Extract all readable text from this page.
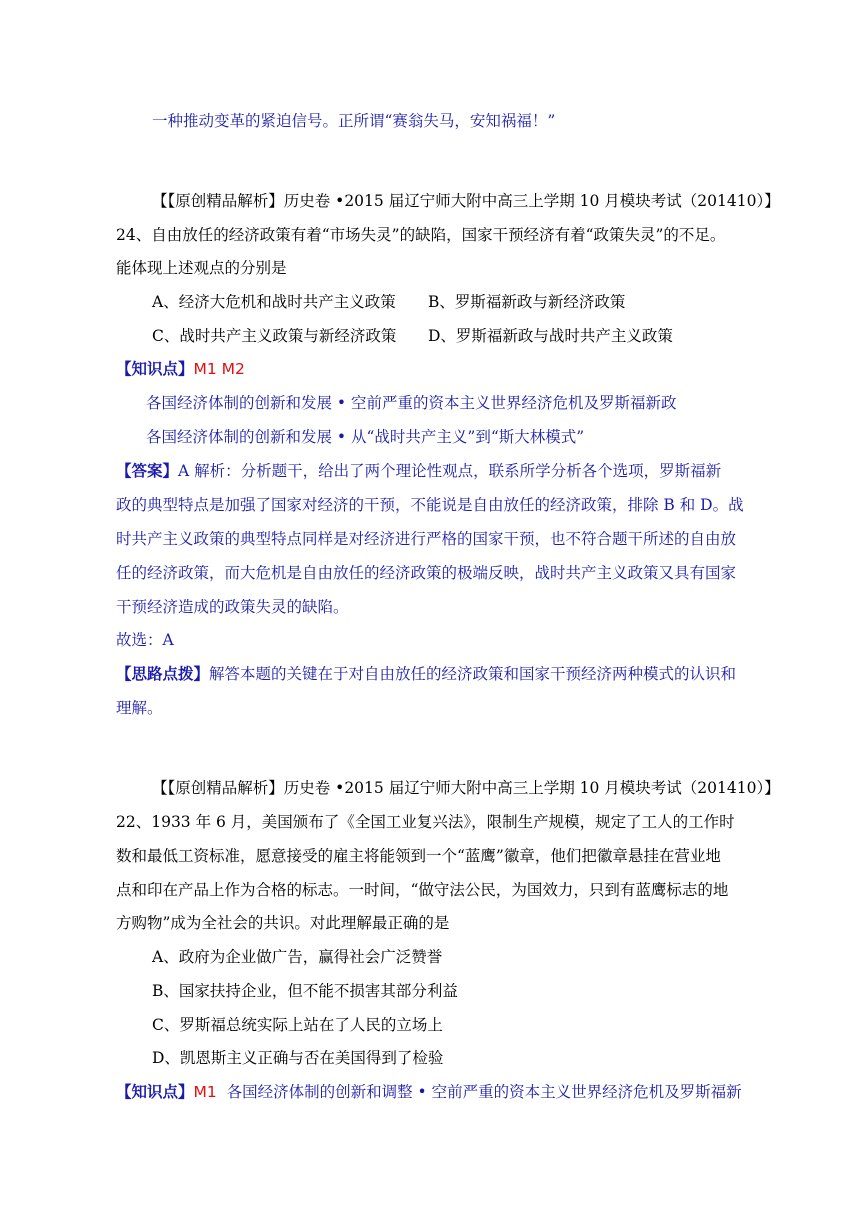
一种推动变革的紧迫信号。正所谓“赛翁失马，安知祸福！”
【【原创精品解析】历史卷 •2015 届辽宁师大附中高三上学期 10 月模块考试（201410）】
24、自由放任的经济政策有着“市场失灵”的缺陷，国家干预经济有着“政策失灵”的不足。
能体现上述观点的分别是
A、经济大危机和战时共产主义政策 B、罗斯福新政与新经济政策
C、战时共产主义政策与新经济政策 D、罗斯福新政与战时共产主义政策
【知识点】M1 M2
各国经济体制的创新和发展 • 空前严重的资本主义世界经济危机及罗斯福新政
各国经济体制的创新和发展 • 从“战时共产主义”到“斯大林模式”
【答案】A 解析：分析题干，给出了两个理论性观点，联系所学分析各个选项，罗斯福新
政的典型特点是加强了国家对经济的干预，不能说是自由放任的经济政策，排除 B 和 D。战
时共产主义政策的典型特点同样是对经济进行严格的国家干预，也不符合题干所述的自由放
任的经济政策，而大危机是自由放任的经济政策的极端反映，战时共产主义政策又具有国家
干预经济造成的政策失灵的缺陷。
故选：A
【思路点拨】解答本题的关键在于对自由放任的经济政策和国家干预经济两种模式的认识和
理解。
【【原创精品解析】历史卷 •2015 届辽宁师大附中高三上学期 10 月模块考试（201410）】
22、1933 年 6 月，美国颁布了《全国工业复兴法》，限制生产规模，规定了工人的工作时
数和最低工资标准，愿意接受的雇主将能领到一个“蓝鹰”徽章，他们把徽章悬挂在营业地
点和印在产品上作为合格的标志。一时间，“做守法公民，为国效力，只到有蓝鹰标志的地
方购物”成为全社会的共识。对此理解最正确的是
A、政府为企业做广告，赢得社会广泛赞誉
B、国家扶持企业，但不能不损害其部分利益
C、罗斯福总统实际上站在了人民的立场上
D、凯恩斯主义正确与否在美国得到了检验
【知识点】M1 各国经济体制的创新和调整 • 空前严重的资本主义世界经济危机及罗斯福新
